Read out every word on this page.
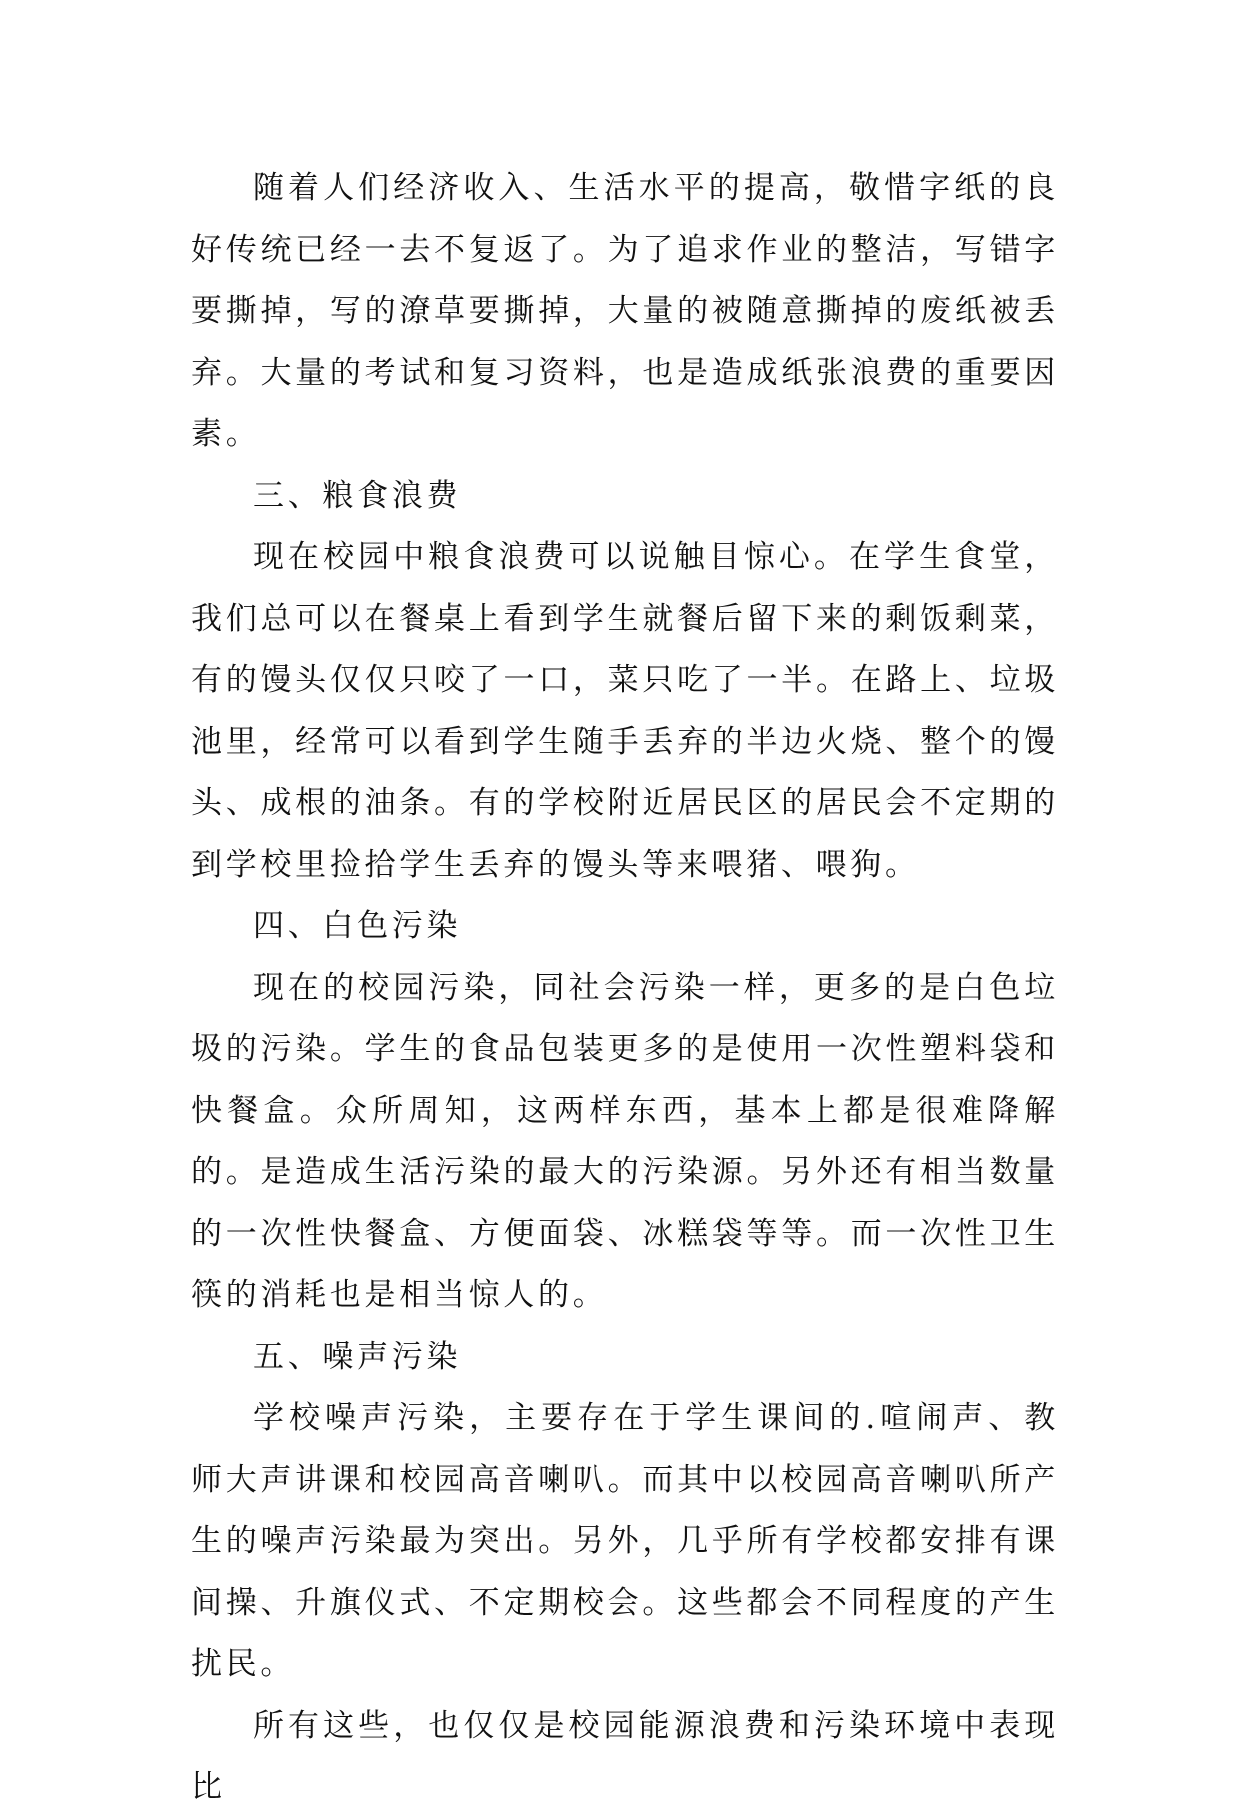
随着人们经济收入、生活水平的提高，敬惜字纸的良好传统已经一去不复返了。为了追求作业的整洁，写错字要撕掉，写的潦草要撕掉，大量的被随意撕掉的废纸被丢弃。大量的考试和复习资料，也是造成纸张浪费的重要因素。

三、粮食浪费

现在校园中粮食浪费可以说触目惊心。在学生食堂，我们总可以在餐桌上看到学生就餐后留下来的剩饭剩菜，有的馒头仅仅只咬了一口，菜只吃了一半。在路上、垃圾池里，经常可以看到学生随手丢弃的半边火烧、整个的馒头、成根的油条。有的学校附近居民区的居民会不定期的到学校里捡拾学生丢弃的馒头等来喂猪、喂狗。

四、白色污染

现在的校园污染，同社会污染一样，更多的是白色垃圾的污染。学生的食品包装更多的是使用一次性塑料袋和快餐盒。众所周知，这两样东西，基本上都是很难降解的。是造成生活污染的最大的污染源。另外还有相当数量的一次性快餐盒、方便面袋、冰糕袋等等。而一次性卫生筷的消耗也是相当惊人的。

五、噪声污染

学校噪声污染，主要存在于学生课间的.喧闹声、教师大声讲课和校园高音喇叭。而其中以校园高音喇叭所产生的噪声污染最为突出。另外，几乎所有学校都安排有课间操、升旗仪式、不定期校会。这些都会不同程度的产生扰民。

所有这些，也仅仅是校园能源浪费和污染环境中表现比
